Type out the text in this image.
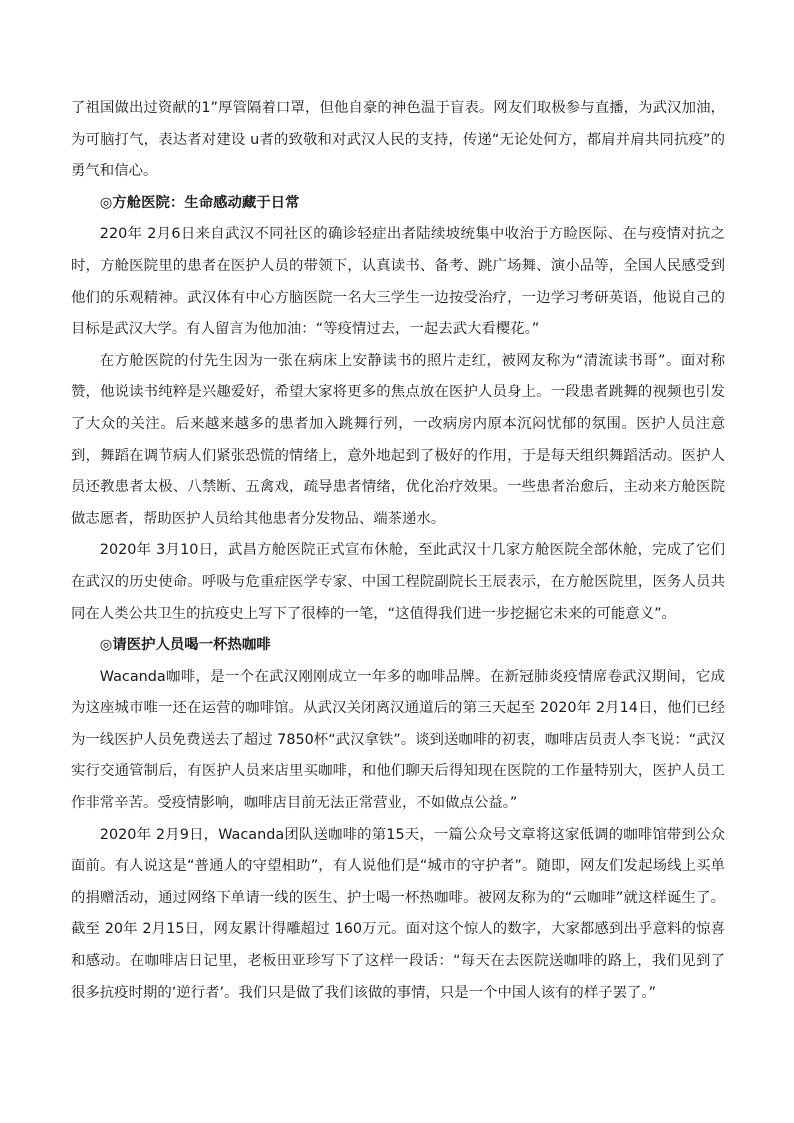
了祖国做出过资献的1”厚管隔着口罩，但他自豪的神色温于盲表。网友们取极参与直播，为武汉加油，为可脑打气，表达者对建设 u者的致敬和对武汉人民的支持，传递“无论处何方，都肩并肩共同抗疫”的勇气和信心。

◎方舱医院：生命感动藏于日常

220年 2月6日来自武汉不同社区的确诊轻症出者陆续坡统集中收治于方睑医际、在与疫情对抗之时，方舱医院里的患者在医护人员的带领下，认真读书、备考、跳广场舞、演小品等，全国人民感受到他们的乐观精神。武汉体有中心方脑医院一名大三学生一边按受治疗，一边学习考研英语，他说自己的目标是武汉大学。有人留言为他加油：“等疫情过去，一起去武大看樱花。”

在方舱医院的付先生因为一张在病床上安静读书的照片走红，被网友称为“清流读书哥”。面对称赞，他说读书纯粹是兴趣爱好，希望大家将更多的焦点放在医护人员身上。一段患者跳舞的视频也引发了大众的关注。后来越来越多的患者加入跳舞行列，一改病房内原本沉闷忧郁的氛围。医护人员注意到，舞蹈在调节病人们紧张恐慌的情绪上，意外地起到了极好的作用，于是每天组织舞蹈活动。医护人员还教患者太极、八禁断、五禽戏，疏导患者情绪，优化治疗效果。一些患者治愈后，主动来方舱医院做志愿者，帮助医护人员给其他患者分发物品、端茶递水。

2020年 3月10日，武昌方舱医院正式宣布休舱，至此武汉十几家方舱医院全部休舱，完成了它们在武汉的历史使命。呼吸与危重症医学专家、中国工程院副院长王辰表示，在方舱医院里，医务人员共同在人类公共卫生的抗疫史上写下了很棒的一笔，“这值得我们进一步挖掘它未来的可能意义”。

◎请医护人员喝一杯热咖啡

Wacanda咖啡，是一个在武汉刚刚成立一年多的咖啡品牌。在新冠肺炎疫情席卷武汉期间，它成为这座城市唯一还在运营的咖啡馆。从武汉关闭离汉通道后的第三天起至 2020年 2月14日，他们已经为一线医护人员免费送去了超过 7850杯“武汉拿铁”。谈到送咖啡的初衷，咖啡店员责人李飞说：“武汉实行交通管制后，有医护人员来店里买咖啡，和他们聊天后得知现在医院的工作量特别大，医护人员工作非常辛苦。受疫情影响，咖啡店目前无法正常营业，不如做点公益。”

2020年 2月9日，Wacanda团队送咖啡的第15天，一篇公众号文章将这家低调的咖啡馆带到公众面前。有人说这是“普通人的守望相助”，有人说他们是“城市的守护者”。随即，网友们发起场线上买单的捐赠活动，通过网络下单请一线的医生、护士喝一杯热咖啡。被网友称为的“云咖啡”就这样诞生了。截至 20年 2月15日，网友累计得雕超过 160万元。面对这个惊人的数字，大家都感到出乎意料的惊喜和感动。在咖啡店日记里，老板田亚珍写下了这样一段话：“每天在去医院送咖啡的路上，我们见到了很多抗疫时期的’逆行者’。我们只是做了我们该做的事情，只是一个中国人该有的样子罢了。”
